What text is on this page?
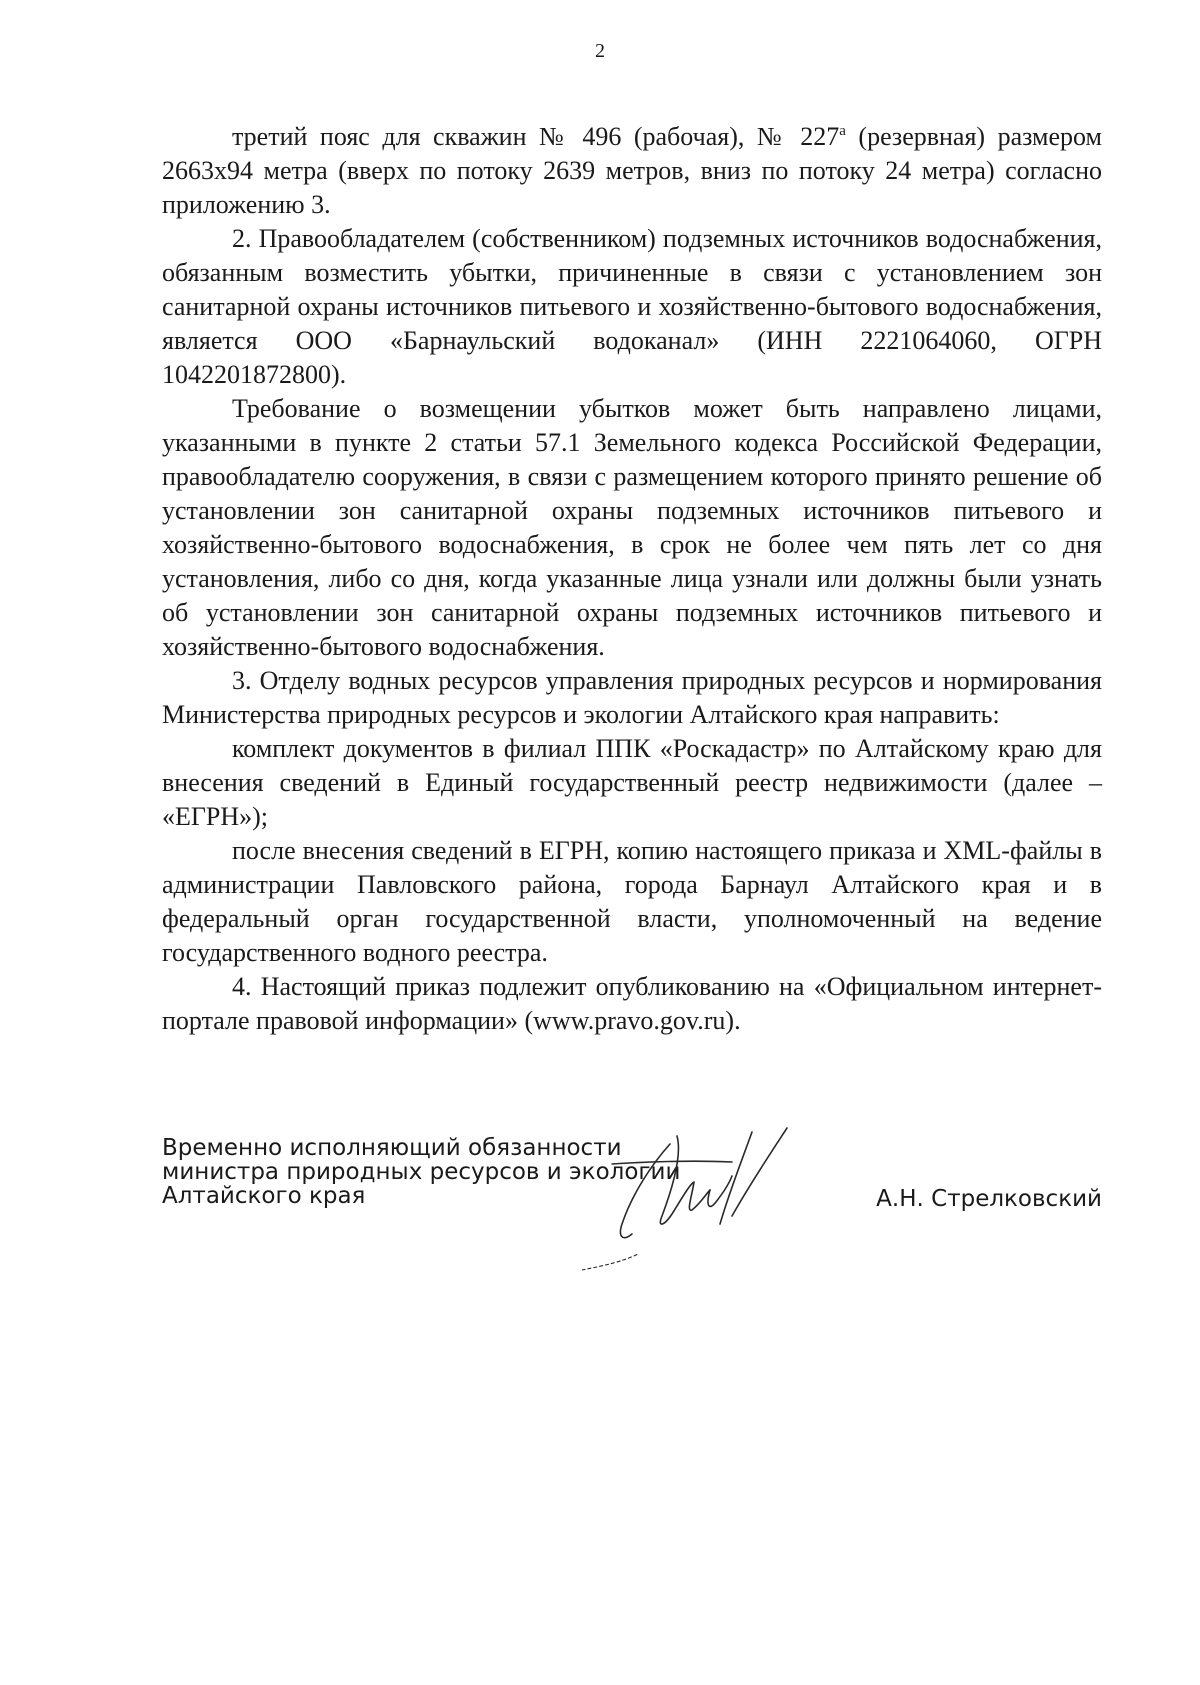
2

третий пояс для скважин № 496 (рабочая), № $227^а$ (резервная) размером 2663х94 метра (вверх по потоку 2639 метров, вниз по потоку 24 метра) согласно приложению 3.

2. Правообладателем (собственником) подземных источников водоснабжения, обязанным возместить убытки, причиненные в связи с установлением зон санитарной охраны источников питьевого и хозяйственно-бытового водоснабжения, является ООО «Барнаульский водоканал» (ИНН 2221064060, ОГРН 1042201872800).

Требование о возмещении убытков может быть направлено лицами, указанными в пункте 2 статьи 57.1 Земельного кодекса Российской Федерации, правообладателю сооружения, в связи с размещением которого принято решение об установлении зон санитарной охраны подземных источников питьевого и хозяйственно-бытового водоснабжения, в срок не более чем пять лет со дня установления, либо со дня, когда указанные лица узнали или должны были узнать об установлении зон санитарной охраны подземных источников питьевого и хозяйственно-бытового водоснабжения.

3. Отделу водных ресурсов управления природных ресурсов и нормирования Министерства природных ресурсов и экологии Алтайского края направить:

комплект документов в филиал ППК «Роскадастр» по Алтайскому краю для внесения сведений в Единый государственный реестр недвижимости (далее – «ЕГРН»);

после внесения сведений в ЕГРН, копию настоящего приказа и XML-файлы в администрации Павловского района, города Барнаул Алтайского края и в федеральный орган государственной власти, уполномоченный на ведение государственного водного реестра.

4. Настоящий приказ подлежит опубликованию на «Официальном интернет-портале правовой информации» (www.pravo.gov.ru).

Временно исполняющий обязанности
министра природных ресурсов и экологии
Алтайского края	А.Н. Стрелковский
